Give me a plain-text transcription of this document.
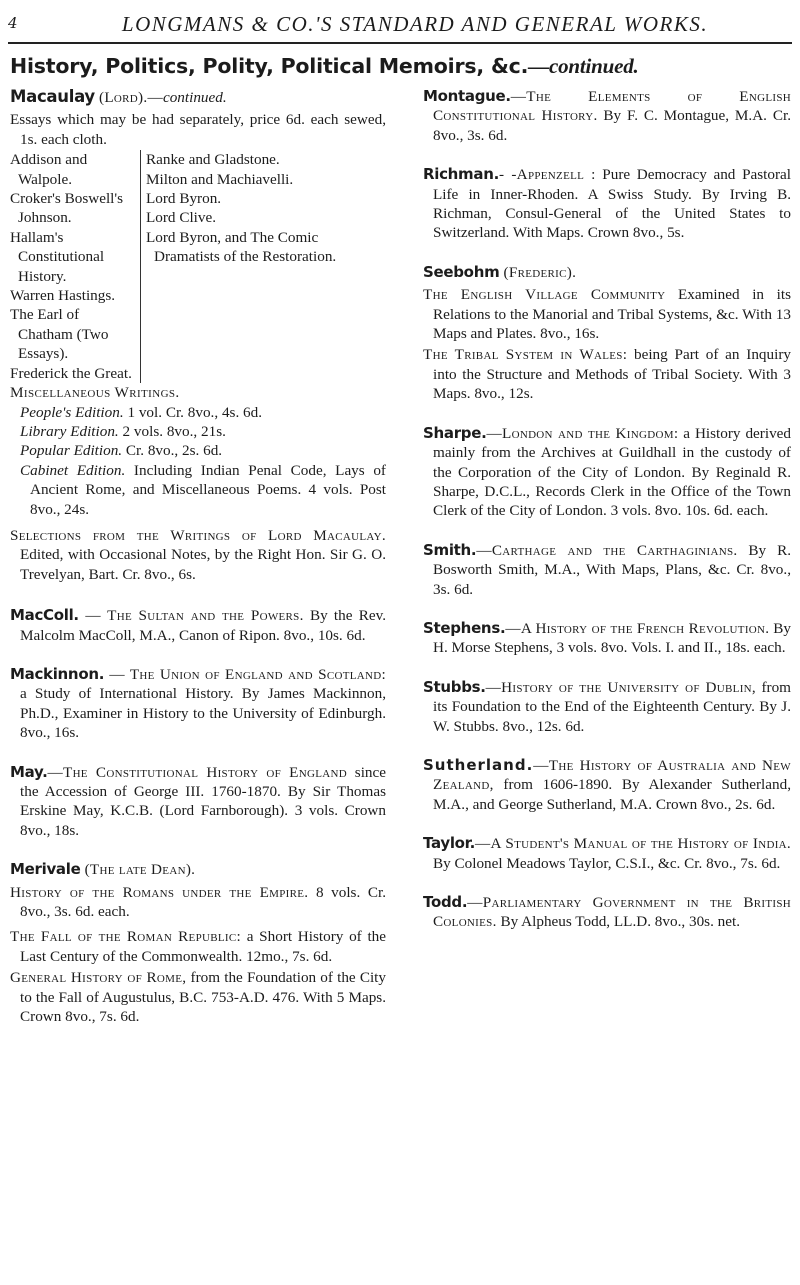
4	LONGMANS & CO.'S STANDARD AND GENERAL WORKS.
History, Politics, Polity, Political Memoirs, &c.—continued.

Macaulay (Lord).—continued.

Essays which may be had separately, price 6d. each sewed, 1s. each cloth.

Addison and Walpole.
Croker's Boswell's Johnson.
Hallam's Constitutional History.
Warren Hastings.
The Earl of Chatham (Two Essays).
Frederick the Great.
Ranke and Gladstone.
Milton and Machiavelli.
Lord Byron.
Lord Clive.
Lord Byron, and The Comic Dramatists of the Restoration.

Miscellaneous Writings.

People's Edition. 1 vol. Cr. 8vo., 4s. 6d.

Library Edition. 2 vols. 8vo., 21s.

Popular Edition. Cr. 8vo., 2s. 6d.

Cabinet Edition. Including Indian Penal Code, Lays of Ancient Rome, and Miscellaneous Poems. 4 vols. Post 8vo., 24s.

Selections from the Writings of Lord Macaulay. Edited, with Occasional Notes, by the Right Hon. Sir G. O. Trevelyan, Bart. Cr. 8vo., 6s.

MacColl. — The Sultan and the Powers. By the Rev. Malcolm MacColl, M.A., Canon of Ripon. 8vo., 10s. 6d.

Mackinnon. — The Union of England and Scotland: a Study of International History. By James Mackinnon, Ph.D., Examiner in History to the University of Edinburgh. 8vo., 16s.

May.—The Constitutional History of England since the Accession of George III. 1760-1870. By Sir Thomas Erskine May, K.C.B. (Lord Farnborough). 3 vols. Crown 8vo., 18s.

Merivale (The late Dean).

History of the Romans under the Empire. 8 vols. Cr. 8vo., 3s. 6d. each.

The Fall of the Roman Republic: a Short History of the Last Century of the Commonwealth. 12mo., 7s. 6d.

General History of Rome, from the Foundation of the City to the Fall of Augustulus, B.C. 753-A.D. 476. With 5 Maps. Crown 8vo., 7s. 6d.

Montague.—The Elements of English Constitutional History. By F. C. Montague, M.A. Cr. 8vo., 3s. 6d.

Richman.- -Appenzell : Pure Democracy and Pastoral Life in Inner-Rhoden. A Swiss Study. By Irving B. Richman, Consul-General of the United States to Switzerland. With Maps. Crown 8vo., 5s.

Seebohm (Frederic).

The English Village Community Examined in its Relations to the Manorial and Tribal Systems, &c. With 13 Maps and Plates. 8vo., 16s.

The Tribal System in Wales: being Part of an Inquiry into the Structure and Methods of Tribal Society. With 3 Maps. 8vo., 12s.

Sharpe.—London and the Kingdom: a History derived mainly from the Archives at Guildhall in the custody of the Corporation of the City of London. By Reginald R. Sharpe, D.C.L., Records Clerk in the Office of the Town Clerk of the City of London. 3 vols. 8vo. 10s. 6d. each.

Smith.—Carthage and the Carthaginians. By R. Bosworth Smith, M.A., With Maps, Plans, &c. Cr. 8vo., 3s. 6d.

Stephens.—A History of the French Revolution. By H. Morse Stephens, 3 vols. 8vo. Vols. I. and II., 18s. each.

Stubbs.—History of the University of Dublin, from its Foundation to the End of the Eighteenth Century. By J. W. Stubbs. 8vo., 12s. 6d.

Sutherland.—The History of Australia and New Zealand, from 1606-1890. By Alexander Sutherland, M.A., and George Sutherland, M.A. Crown 8vo., 2s. 6d.

Taylor.—A Student's Manual of the History of India. By Colonel Meadows Taylor, C.S.I., &c. Cr. 8vo., 7s. 6d.

Todd.—Parliamentary Government in the British Colonies. By Alpheus Todd, LL.D. 8vo., 30s. net.
